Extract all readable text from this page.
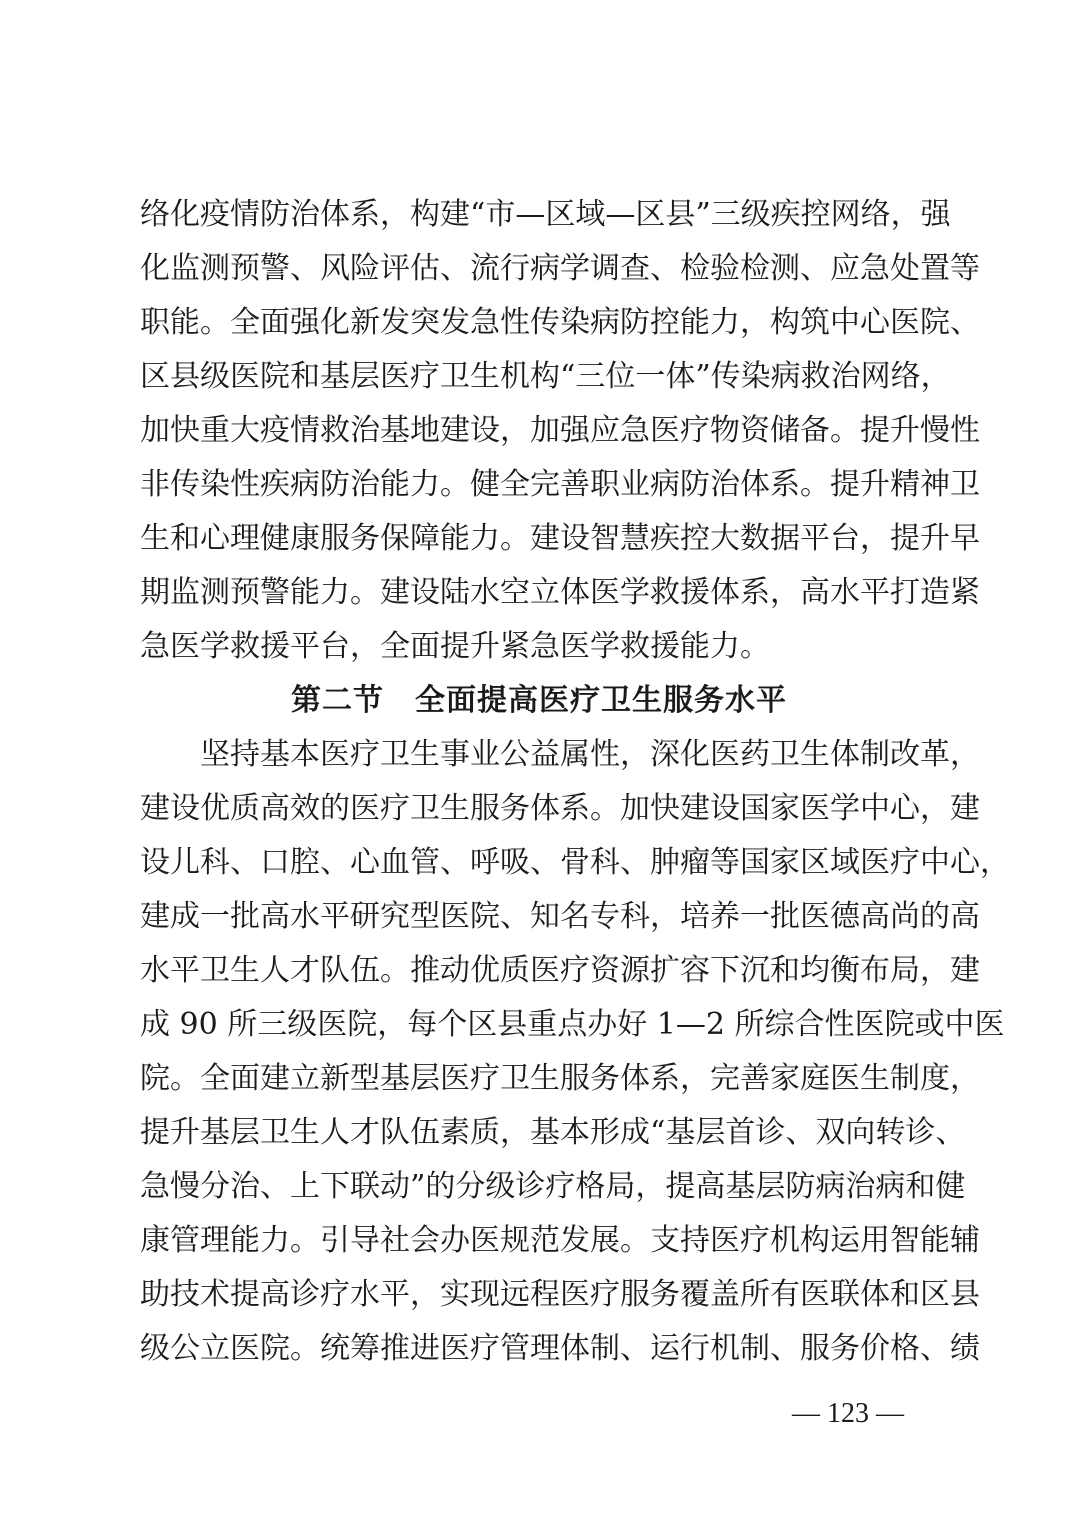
络化疫情防治体系，构建“市—区域—区县”三级疾控网络，强
化监测预警、风险评估、流行病学调查、检验检测、应急处置等
职能。全面强化新发突发急性传染病防控能力，构筑中心医院、
区县级医院和基层医疗卫生机构“三位一体”传染病救治网络，
加快重大疫情救治基地建设，加强应急医疗物资储备。提升慢性
非传染性疾病防治能力。健全完善职业病防治体系。提升精神卫
生和心理健康服务保障能力。建设智慧疾控大数据平台，提升早
期监测预警能力。建设陆水空立体医学救援体系，高水平打造紧
急医学救援平台，全面提升紧急医学救援能力。
第二节　全面提高医疗卫生服务水平
坚持基本医疗卫生事业公益属性，深化医药卫生体制改革，
建设优质高效的医疗卫生服务体系。加快建设国家医学中心，建
设儿科、口腔、心血管、呼吸、骨科、肿瘤等国家区域医疗中心，
建成一批高水平研究型医院、知名专科，培养一批医德高尚的高
水平卫生人才队伍。推动优质医疗资源扩容下沉和均衡布局，建
成 90 所三级医院，每个区县重点办好 1—2 所综合性医院或中医
院。全面建立新型基层医疗卫生服务体系，完善家庭医生制度，
提升基层卫生人才队伍素质，基本形成“基层首诊、双向转诊、
急慢分治、上下联动”的分级诊疗格局，提高基层防病治病和健
康管理能力。引导社会办医规范发展。支持医疗机构运用智能辅
助技术提高诊疗水平，实现远程医疗服务覆盖所有医联体和区县
级公立医院。统筹推进医疗管理体制、运行机制、服务价格、绩
— 123 —
